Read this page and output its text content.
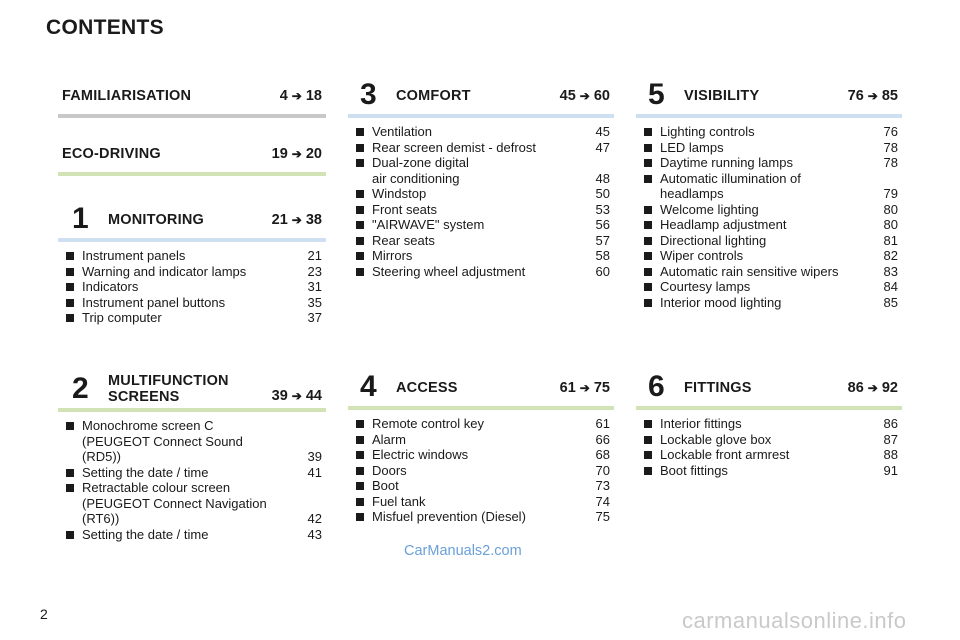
CONTENTS
FAMILIARISATION	4 ➔ 18
ECO-DRIVING	19 ➔ 20
1 MONITORING	21 ➔ 38
Instrument panels	21
Warning and indicator lamps	23
Indicators	31
Instrument panel buttons	35
Trip computer	37
2 MULTIFUNCTION
SCREENS	39 ➔ 44
Monochrome screen C
(PEUGEOT Connect Sound
(RD5))	39
Setting the date / time	41
Retractable colour screen
(PEUGEOT Connect Navigation
(RT6))	42
Setting the date / time	43
3 COMFORT	45 ➔ 60
Ventilation	45
Rear screen demist - defrost	47
Dual-zone digital
air conditioning	48
Windstop	50
Front seats	53
"AIRWAVE" system	56
Rear seats	57
Mirrors	58
Steering wheel adjustment	60
4 ACCESS	61 ➔ 75
Remote control key	61
Alarm	66
Electric windows	68
Doors	70
Boot	73
Fuel tank	74
Misfuel prevention (Diesel)	75
5 VISIBILITY	76 ➔ 85
Lighting controls	76
LED lamps	78
Daytime running lamps	78
Automatic illumination of
headlamps	79
Welcome lighting	80
Headlamp adjustment	80
Directional lighting	81
Wiper controls	82
Automatic rain sensitive wipers	83
Courtesy lamps	84
Interior mood lighting	85
6 FITTINGS	86 ➔ 92
Interior fittings	86
Lockable glove box	87
Lockable front armrest	88
Boot fittings	91
CarManuals2.com
2	carmanualsonline.info
